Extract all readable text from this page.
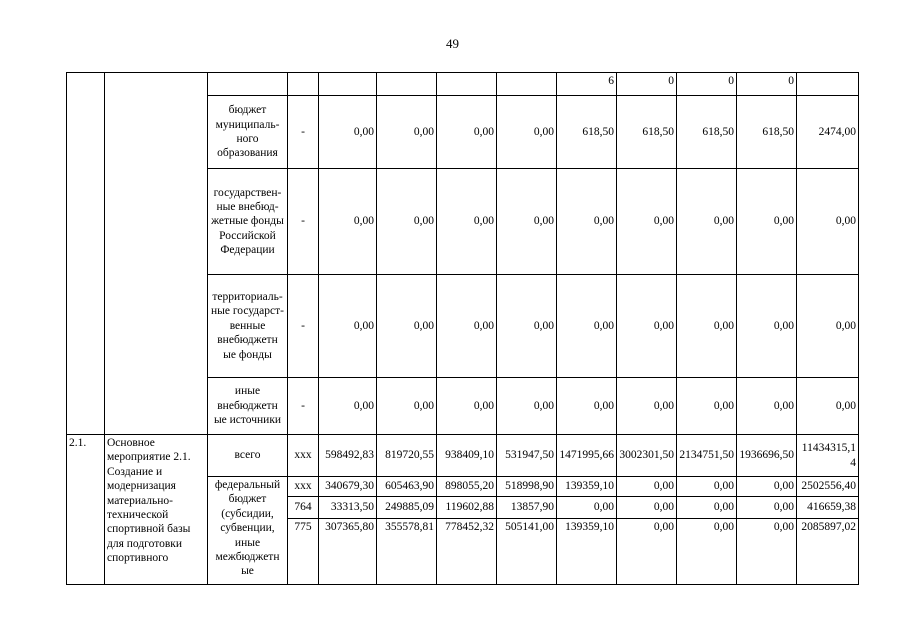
49
								6	0	0	0	
		бюджет муниципаль-ного образования	-	0,00	0,00	0,00	0,00	618,50	618,50	618,50	618,50	2474,00
		государствен-ные внебюд-жетные фонды Российской Федерации	-	0,00	0,00	0,00	0,00	0,00	0,00	0,00	0,00	0,00
		территориаль-ные государст-венные внебюджетн ые фонды	-	0,00	0,00	0,00	0,00	0,00	0,00	0,00	0,00	0,00
		иные внебюджетн ые источники	-	0,00	0,00	0,00	0,00	0,00	0,00	0,00	0,00	0,00
2.1.	Основное мероприятие 2.1. Создание и модернизация материально-технической спортивной базы для подготовки спортивного	всего	ххх	598492,83	819720,55	938409,10	531947,50	1471995,66	3002301,50	2134751,50	1936696,50	11434315,14
		федеральный бюджет (субсидии, субвенции, иные межбюджетн ые	ххх	340679,30	605463,90	898055,20	518998,90	139359,10	0,00	0,00	0,00	2502556,40
			764	33313,50	249885,09	119602,88	13857,90	0,00	0,00	0,00	0,00	416659,38
			775	307365,80	355578,81	778452,32	505141,00	139359,10	0,00	0,00	0,00	2085897,02
